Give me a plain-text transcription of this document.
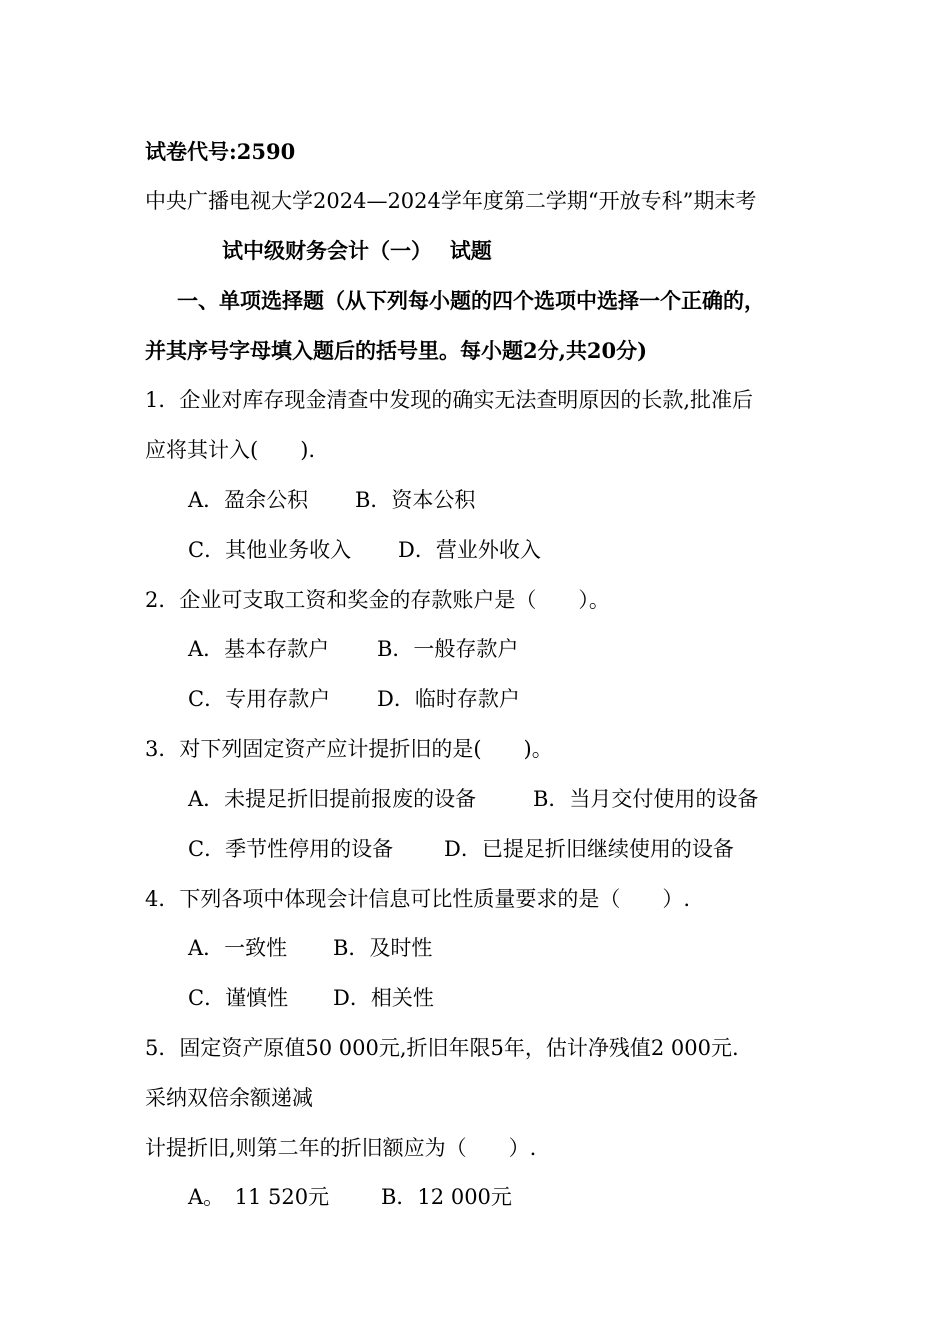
试卷代号:2590
中央广播电视大学2024—2024学年度第二学期“开放专科”期末考
试中级财务会计（一）　 试题
一、单项选择题（从下列每小题的四个选项中选择一个正确的，
并其序号字母填入题后的括号里。每小题2分,共20分)
1．企业对库存现金清查中发现的确实无法查明原因的长款,批准后
应将其计入(　　).
A．盈余公积 B．资本公积
C．其他业务收入 D．营业外收入
2．企业可支取工资和奖金的存款账户是（　　）。
A．基本存款户 B．一般存款户
C．专用存款户 D．临时存款户
3．对下列固定资产应计提折旧的是(　　)。
A．未提足折旧提前报废的设备	B．当月交付使用的设备
C．季节性停用的设备 D．已提足折旧继续使用的设备
4．下列各项中体现会计信息可比性质量要求的是（　　）.
A．一致性 B．及时性
C．谨慎性 D．相关性
5．固定资产原值50 000元,折旧年限5年，估计净残值2 000元.
采纳双倍余额递减
计提折旧,则第二年的折旧额应为（　　）.
A。　11 520元 B．12 000元
